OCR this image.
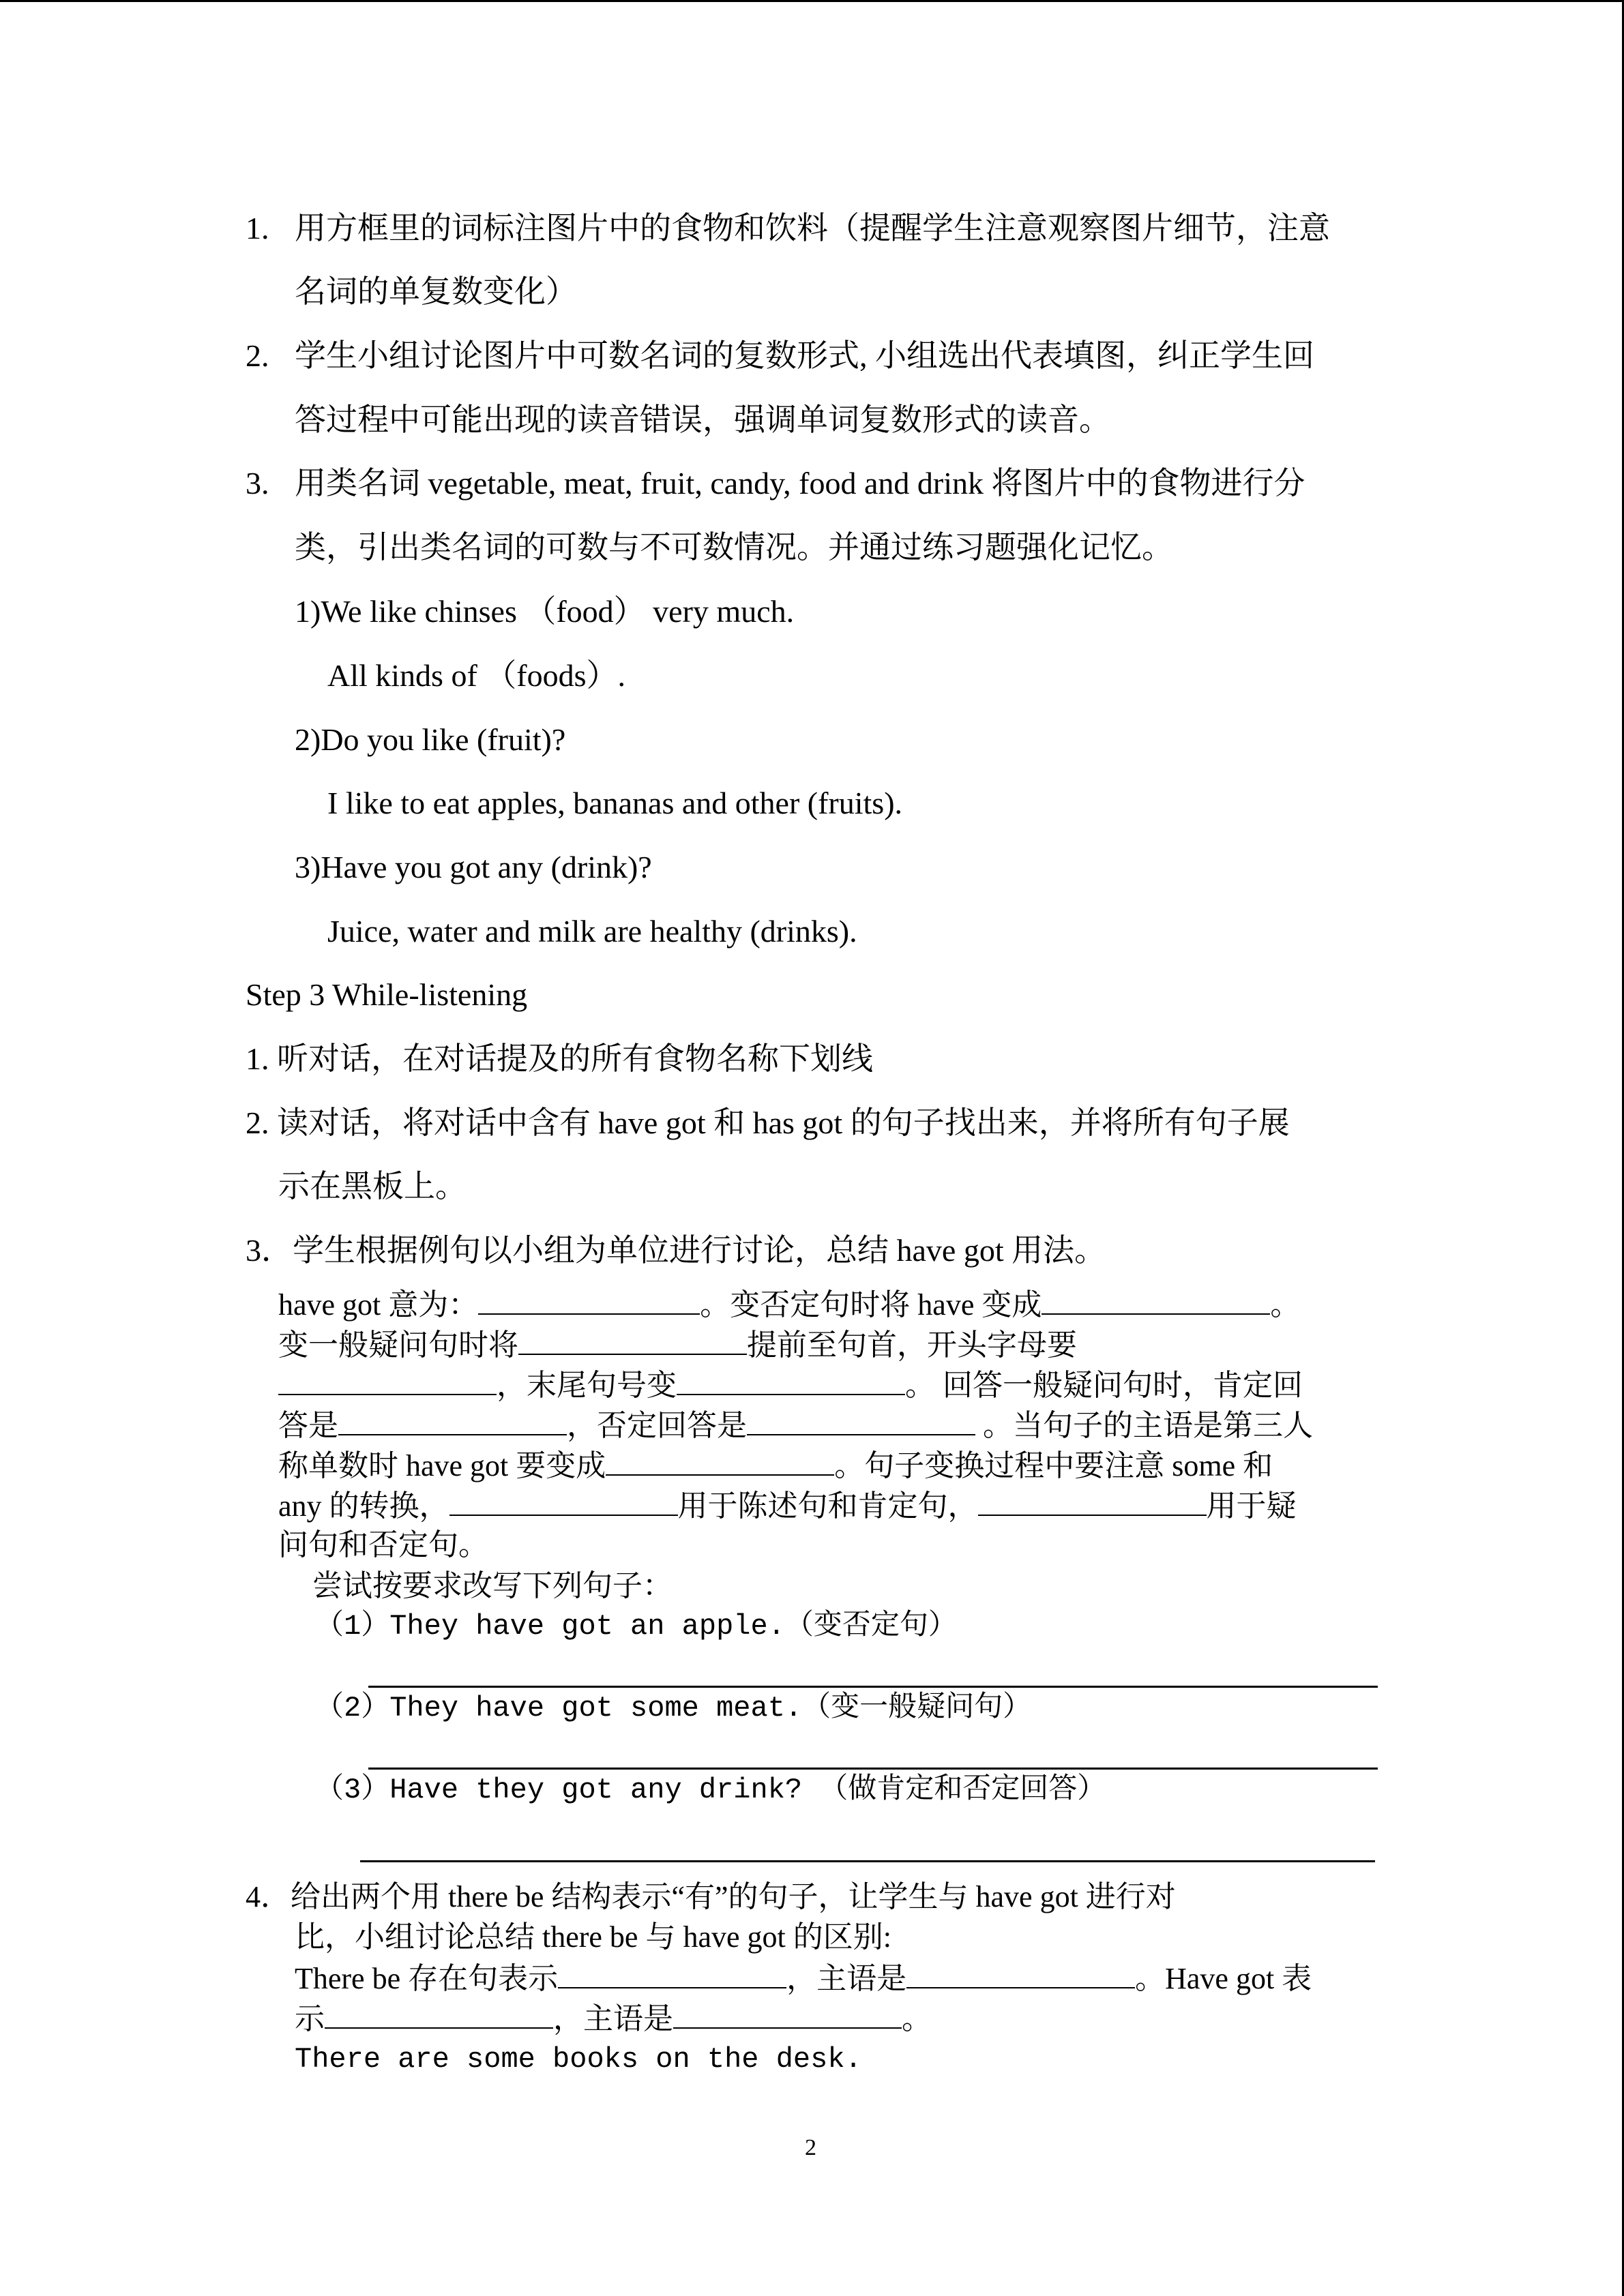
1. 用方框里的词标注图片中的食物和饮料（提醒学生注意观察图片细节，注意
名词的单复数变化）
2. 学生小组讨论图片中可数名词的复数形式, 小组选出代表填图，纠正学生回
答过程中可能出现的读音错误，强调单词复数形式的读音。
3. 用类名词 vegetable, meat, fruit, candy, food and drink 将图片中的食物进行分
类，引出类名词的可数与不可数情况。并通过练习题强化记忆。
1)We like chinses （food） very much.
All kinds of （foods）.
2)Do you like (fruit)?
I like to eat apples, bananas and other (fruits).
3)Have you got any (drink)?
Juice, water and milk are healthy (drinks).
Step 3 While-listening
1. 听对话，在对话提及的所有食物名称下划线
2. 读对话，将对话中含有 have got 和 has got 的句子找出来，并将所有句子展
示在黑板上。
3．学生根据例句以小组为单位进行讨论，总结 have got 用法。
have got 意为：	。变否定句时将 have 变成	。
变一般疑问句时将	提前至句首，开头字母要
，末尾句号变	。 回答一般疑问句时，肯定回
答是	，否定回答是	。当句子的主语是第三人
称单数时 have got 要变成	。句子变换过程中要注意 some 和
any 的转换，	用于陈述句和肯定句，	用于疑
问句和否定句。
尝试按要求改写下列句子：
（1）They have got an apple.（变否定句）
（2）They have got some meat.（变一般疑问句）
（3）Have they got any drink? （做肯定和否定回答）
4．给出两个用 there be 结构表示“有”的句子，让学生与 have got 进行对
比，小组讨论总结 there be 与 have got 的区别:
There be 存在句表示	，主语是	。Have got 表
示	，主语是	。
There are some books on the desk.
2
